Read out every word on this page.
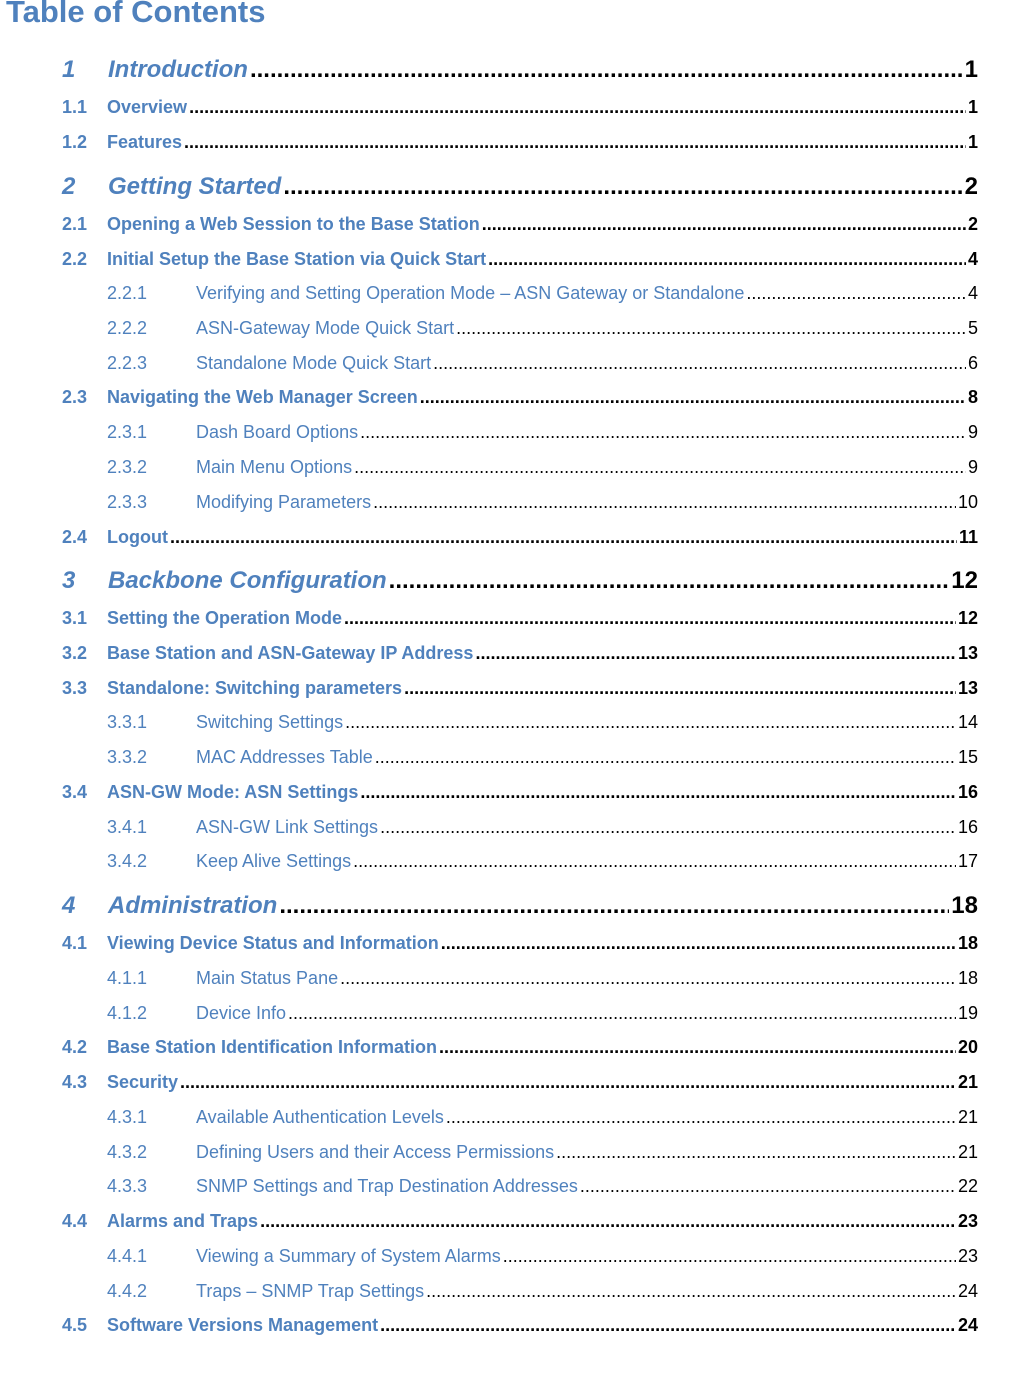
Table of Contents
1	Introduction .....	1
1.1	Overview .....	1
1.2	Features .....	1
2	Getting Started .....	2
2.1	Opening a Web Session to the Base Station .....	2
2.2	Initial Setup the Base Station via Quick Start .....	4
2.2.1	Verifying and Setting Operation Mode – ASN Gateway or Standalone .....	4
2.2.2	ASN-Gateway Mode Quick Start .....	5
2.2.3	Standalone Mode Quick Start .....	6
2.3	Navigating the Web Manager Screen .....	8
2.3.1	Dash Board Options .....	9
2.3.2	Main Menu Options .....	9
2.3.3	Modifying Parameters .....	10
2.4	Logout .....	11
3	Backbone Configuration .....	12
3.1	Setting the Operation Mode .....	12
3.2	Base Station and ASN-Gateway IP Address .....	13
3.3	Standalone: Switching parameters .....	13
3.3.1	Switching Settings .....	14
3.3.2	MAC Addresses Table .....	15
3.4	ASN-GW Mode: ASN Settings .....	16
3.4.1	ASN-GW Link Settings .....	16
3.4.2	Keep Alive Settings .....	17
4	Administration .....	18
4.1	Viewing Device Status and Information .....	18
4.1.1	Main Status Pane .....	18
4.1.2	Device Info .....	19
4.2	Base Station Identification Information .....	20
4.3	Security .....	21
4.3.1	Available Authentication Levels .....	21
4.3.2	Defining Users and their Access Permissions .....	21
4.3.3	SNMP Settings and Trap Destination Addresses .....	22
4.4	Alarms and Traps .....	23
4.4.1	Viewing a Summary of System Alarms .....	23
4.4.2	Traps – SNMP Trap Settings .....	24
4.5	Software Versions Management .....	24
